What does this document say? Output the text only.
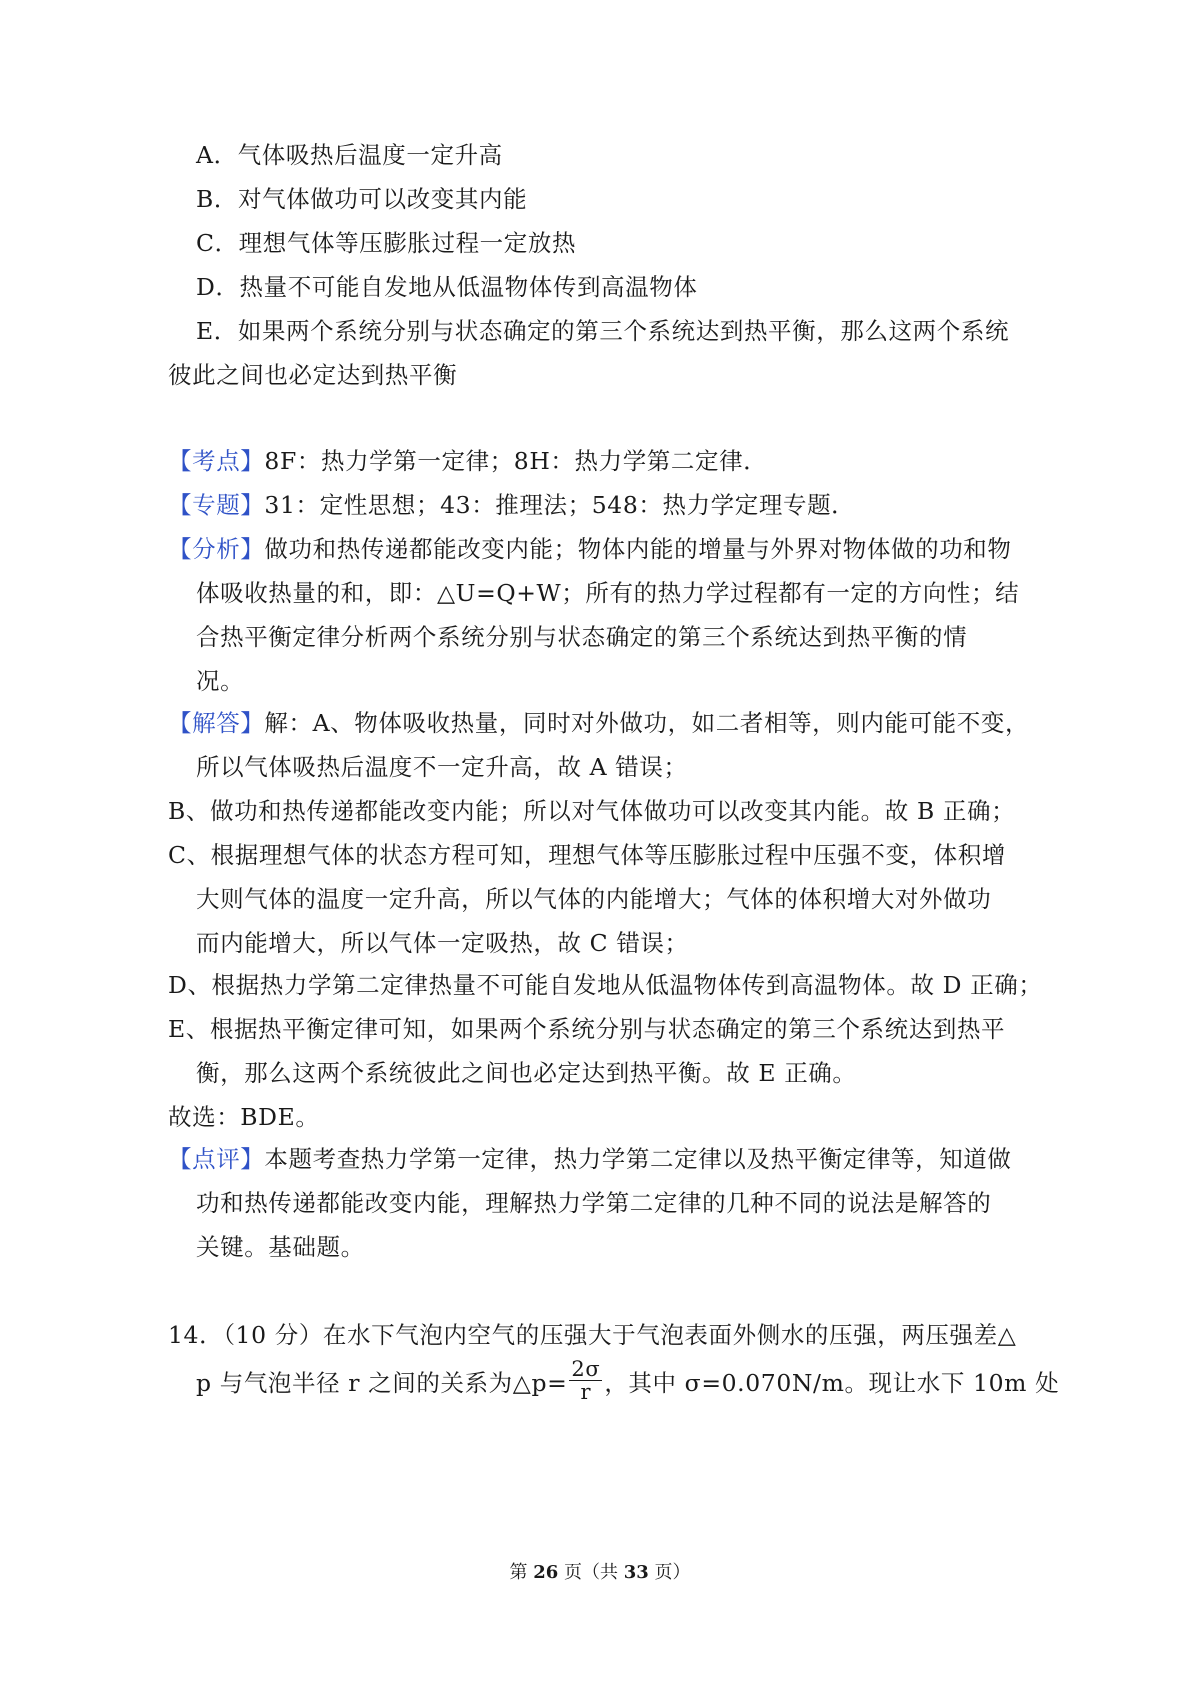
A．气体吸热后温度一定升高
B．对气体做功可以改变其内能
C．理想气体等压膨胀过程一定放热
D．热量不可能自发地从低温物体传到高温物体
E．如果两个系统分别与状态确定的第三个系统达到热平衡，那么这两个系统
彼此之间也必定达到热平衡
【考点】8F：热力学第一定律；8H：热力学第二定律．
【专题】31：定性思想；43：推理法；548：热力学定理专题．
【分析】做功和热传递都能改变内能；物体内能的增量与外界对物体做的功和物
体吸收热量的和，即：△U=Q+W；所有的热力学过程都有一定的方向性；结
合热平衡定律分析两个系统分别与状态确定的第三个系统达到热平衡的情
况。
【解答】解：A、物体吸收热量，同时对外做功，如二者相等，则内能可能不变，
所以气体吸热后温度不一定升高，故 A 错误；
B、做功和热传递都能改变内能；所以对气体做功可以改变其内能。故 B 正确；
C、根据理想气体的状态方程可知，理想气体等压膨胀过程中压强不变，体积增
大则气体的温度一定升高，所以气体的内能增大；气体的体积增大对外做功
而内能增大，所以气体一定吸热，故 C 错误；
D、根据热力学第二定律热量不可能自发地从低温物体传到高温物体。故 D 正确；
E、根据热平衡定律可知，如果两个系统分别与状态确定的第三个系统达到热平
衡，那么这两个系统彼此之间也必定达到热平衡。故 E 正确。
故选：BDE。
【点评】本题考查热力学第一定律，热力学第二定律以及热平衡定律等，知道做
功和热传递都能改变内能，理解热力学第二定律的几种不同的说法是解答的
关键。基础题。
14．（10 分）在水下气泡内空气的压强大于气泡表面外侧水的压强，两压强差△
p 与气泡半径 r 之间的关系为△p= $\frac{2\sigma}{r}$ ，其中 σ=0.070N/m。现让水下 10m 处
第 26 页（共 33 页）
